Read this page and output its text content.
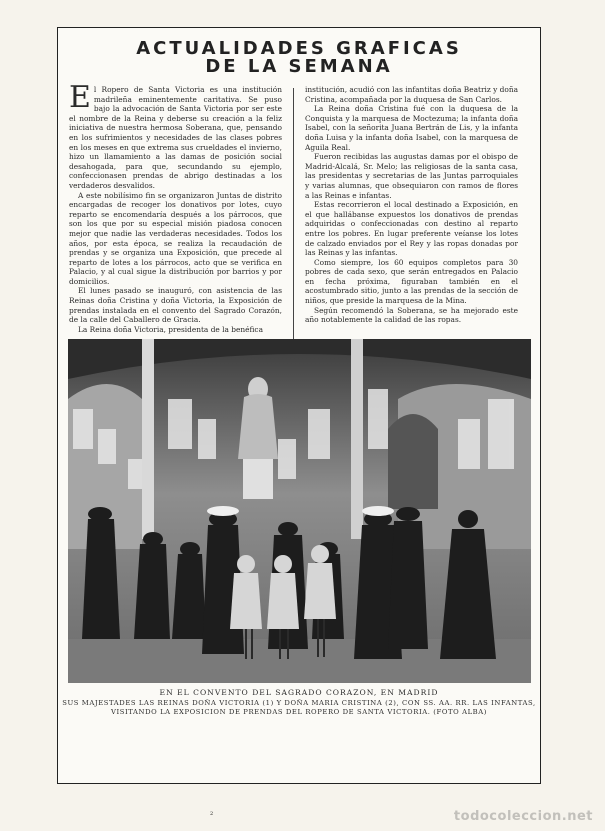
ACTUALIDADES GRAFICAS
DE LA SEMANA

El Ropero de Santa Victoria es una institución madrileña eminentemente caritativa. Se puso bajo la advocación de Santa Victoria por ser este el nombre de la Reina y deberse su creación a la feliz iniciativa de nuestra hermosa Soberana, que, pensando en los sufrimientos y necesidades de las clases pobres en los meses en que extrema sus crueldades el invierno, hizo un llamamiento a las damas de posición social desahogada, para que, secundando su ejemplo, confeccionasen prendas de abrigo destinadas a los verdaderos desvalidos.

A este nobilísimo fin se organizaron Juntas de distrito encargadas de recoger los donativos por lotes, cuyo reparto se encomendaría después a los párrocos, que son los que por su especial misión piadosa conocen mejor que nadie las verdaderas necesidades. Todos los años, por esta época, se realiza la recaudación de prendas y se organiza una Exposición, que precede al reparto de lotes a los párrocos, acto que se verifica en Palacio, y al cual sigue la distribución por barrios y por domicilios.

El lunes pasado se inauguró, con asistencia de las Reinas doña Cristina y doña Victoria, la Exposición de prendas instalada en el convento del Sagrado Corazón, de la calle del Caballero de Gracia.

La Reina doña Victoria, presidenta de la benéfica

institución, acudió con las infantitas doña Beatriz y doña Cristina, acompañada por la duquesa de San Carlos.

La Reina doña Cristina fué con la duquesa de la Conquista y la marquesa de Moctezuma; la infanta doña Isabel, con la señorita Juana Bertrán de Lis, y la infanta doña Luisa y la infanta doña Isabel, con la marquesa de Aguila Real.

Fueron recibidas las augustas damas por el obispo de Madrid-Alcalá, Sr. Melo; las religiosas de la santa casa, las presidentas y secretarias de las Juntas parroquiales y varias alumnas, que obsequiaron con ramos de flores a las Reinas e infantas.

Estas recorrieron el local destinado a Exposición, en el que hallábanse expuestos los donativos de prendas adquiridas o confeccionadas con destino al reparto entre los pobres. En lugar preferente veíanse los lotes de calzado enviados por el Rey y las ropas donadas por las Reinas y las infantas.

Como siempre, los 60 equipos completos para 30 pobres de cada sexo, que serán entregados en Palacio en fecha próxima, figuraban también en el acostumbrado sitio, junto a las prendas de la sección de niños, que preside la marquesa de la Mina.

Según recomendó la Soberana, se ha mejorado este año notablemente la calidad de las ropas.

EN EL CONVENTO DEL SAGRADO CORAZON, EN MADRID
SUS MAJESTADES LAS REINAS DOÑA VICTORIA (1) Y DOÑA MARIA CRISTINA (2), CON SS. AA. RR. LAS INFANTAS,
VISITANDO LA EXPOSICION DE PRENDAS DEL ROPERO DE SANTA VICTORIA. (FOTO ALBA)
2	todocoleccion.net
